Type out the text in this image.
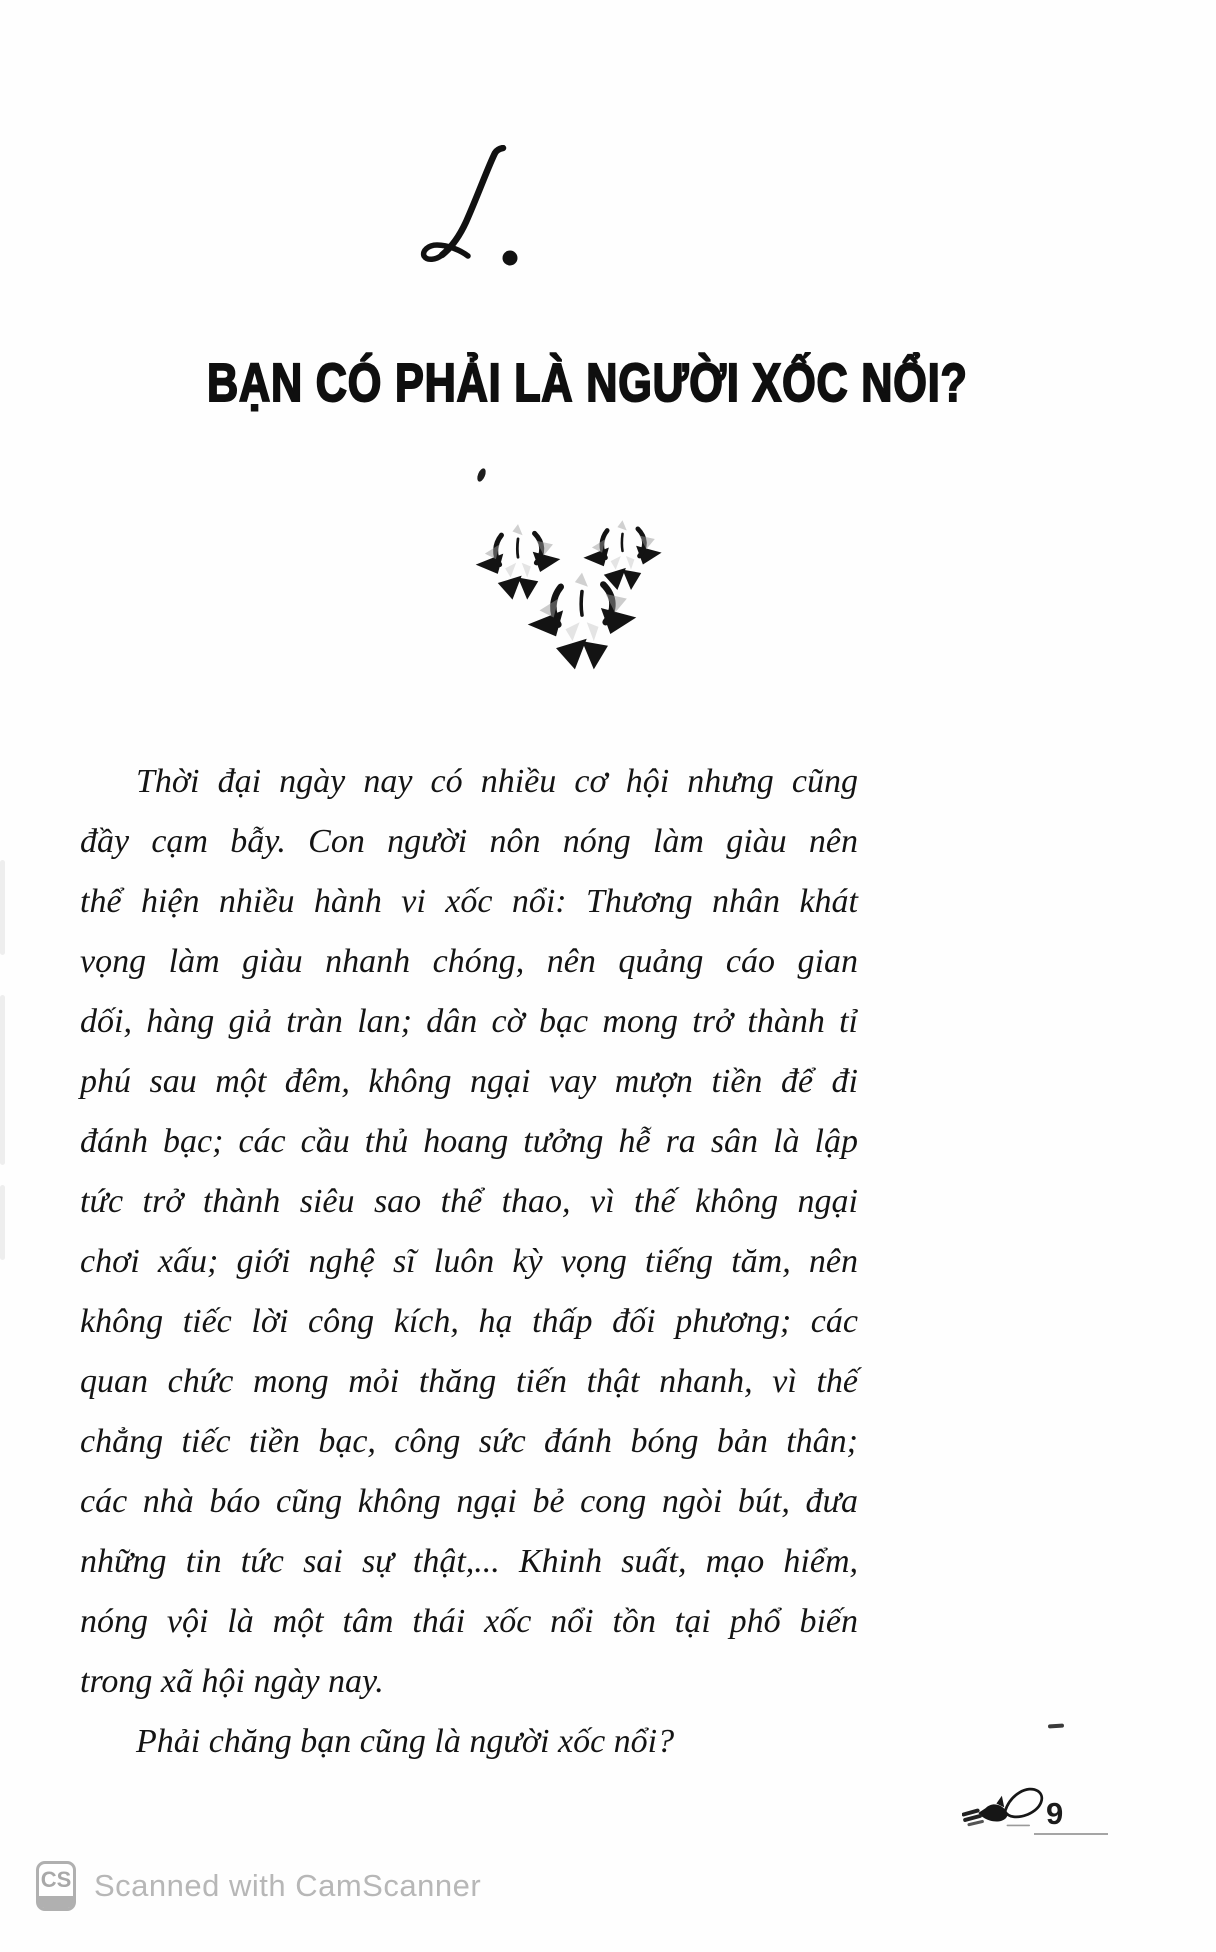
BẠN CÓ PHẢI LÀ NGƯỜI XỐC NỔI?
Thời đại ngày nay có nhiều cơ hội nhưng cũng
đầy cạm bẫy. Con người nôn nóng làm giàu nên
thể hiện nhiều hành vi xốc nổi: Thương nhân khát
vọng làm giàu nhanh chóng, nên quảng cáo gian
dối, hàng giả tràn lan; dân cờ bạc mong trở thành tỉ
phú sau một đêm, không ngại vay mượn tiền để đi
đánh bạc; các cầu thủ hoang tưởng hễ ra sân là lập
tức trở thành siêu sao thể thao, vì thế không ngại
chơi xấu; giới nghệ sĩ luôn kỳ vọng tiếng tăm, nên
không tiếc lời công kích, hạ thấp đối phương; các
quan chức mong mỏi thăng tiến thật nhanh, vì thế
chẳng tiếc tiền bạc, công sức đánh bóng bản thân;
các nhà báo cũng không ngại bẻ cong ngòi bút, đưa
những tin tức sai sự thật,... Khinh suất, mạo hiểm,
nóng vội là một tâm thái xốc nổi tồn tại phổ biến
trong xã hội ngày nay.
Phải chăng bạn cũng là người xốc nổi?
9
CS Scanned with CamScanner
